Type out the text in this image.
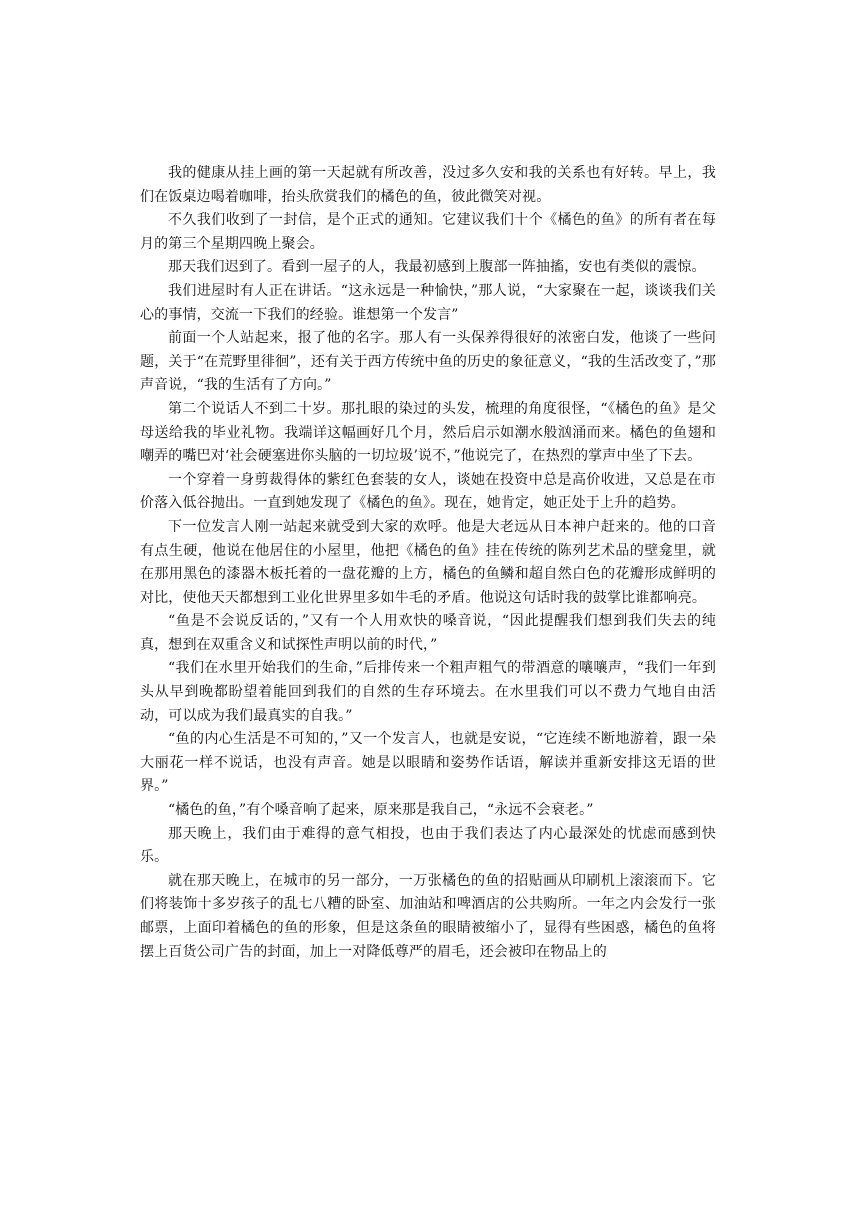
我的健康从挂上画的第一天起就有所改善，没过多久安和我的关系也有好转。早上，我们在饭桌边喝着咖啡，抬头欣赏我们的橘色的鱼，彼此微笑对视。

不久我们收到了一封信，是个正式的通知。它建议我们十个《橘色的鱼》的所有者在每月的第三个星期四晚上聚会。

那天我们迟到了。看到一屋子的人，我最初感到上腹部一阵抽搐，安也有类似的震惊。

我们进屋时有人正在讲话。“这永远是一种愉快，”那人说，“大家聚在一起，谈谈我们关心的事情，交流一下我们的经验。谁想第一个发言”

前面一个人站起来，报了他的名字。那人有一头保养得很好的浓密白发，他谈了一些问题，关于“在荒野里徘徊”，还有关于西方传统中鱼的历史的象征意义，“我的生活改变了，”那声音说，“我的生活有了方向。”

第二个说话人不到二十岁。那扎眼的染过的头发，梳理的角度很怪，“《橘色的鱼》是父母送给我的毕业礼物。我端详这幅画好几个月，然后启示如潮水般汹涌而来。橘色的鱼翅和嘲弄的嘴巴对‘社会硬塞进你头脑的一切垃圾’说不，”他说完了，在热烈的掌声中坐了下去。

一个穿着一身剪裁得体的紫红色套装的女人，谈她在投资中总是高价收进，又总是在市价落入低谷抛出。一直到她发现了《橘色的鱼》。现在，她肯定，她正处于上升的趋势。

下一位发言人刚一站起来就受到大家的欢呼。他是大老远从日本神户赶来的。他的口音有点生硬，他说在他居住的小屋里，他把《橘色的鱼》挂在传统的陈列艺术品的壁龛里，就在那用黑色的漆器木板托着的一盘花瓣的上方，橘色的鱼鳞和超自然白色的花瓣形成鲜明的对比，使他天天都想到工业化世界里多如牛毛的矛盾。他说这句话时我的鼓掌比谁都响亮。

“鱼是不会说反话的，”又有一个人用欢快的嗓音说，“因此提醒我们想到我们失去的纯真，想到在双重含义和试探性声明以前的时代，”

“我们在水里开始我们的生命，”后排传来一个粗声粗气的带酒意的嚷嚷声，“我们一年到头从早到晚都盼望着能回到我们的自然的生存环境去。在水里我们可以不费力气地自由活动，可以成为我们最真实的自我。”

“鱼的内心生活是不可知的，”又一个发言人，也就是安说，“它连续不断地游着，跟一朵大丽花一样不说话，也没有声音。她是以眼睛和姿势作话语，解读并重新安排这无语的世界。”

“橘色的鱼，”有个嗓音响了起来，原来那是我自己，“永远不会衰老。”

那天晚上，我们由于难得的意气相投，也由于我们表达了内心最深处的忧虑而感到快乐。

就在那天晚上，在城市的另一部分，一万张橘色的鱼的招贴画从印刷机上滚滚而下。它们将装饰十多岁孩子的乱七八糟的卧室、加油站和啤酒店的公共购所。一年之内会发行一张邮票，上面印着橘色的鱼的形象，但是这条鱼的眼睛被缩小了，显得有些困惑，橘色的鱼将摆上百货公司广告的封面，加上一对降低尊严的眉毛，还会被印在物品上的
